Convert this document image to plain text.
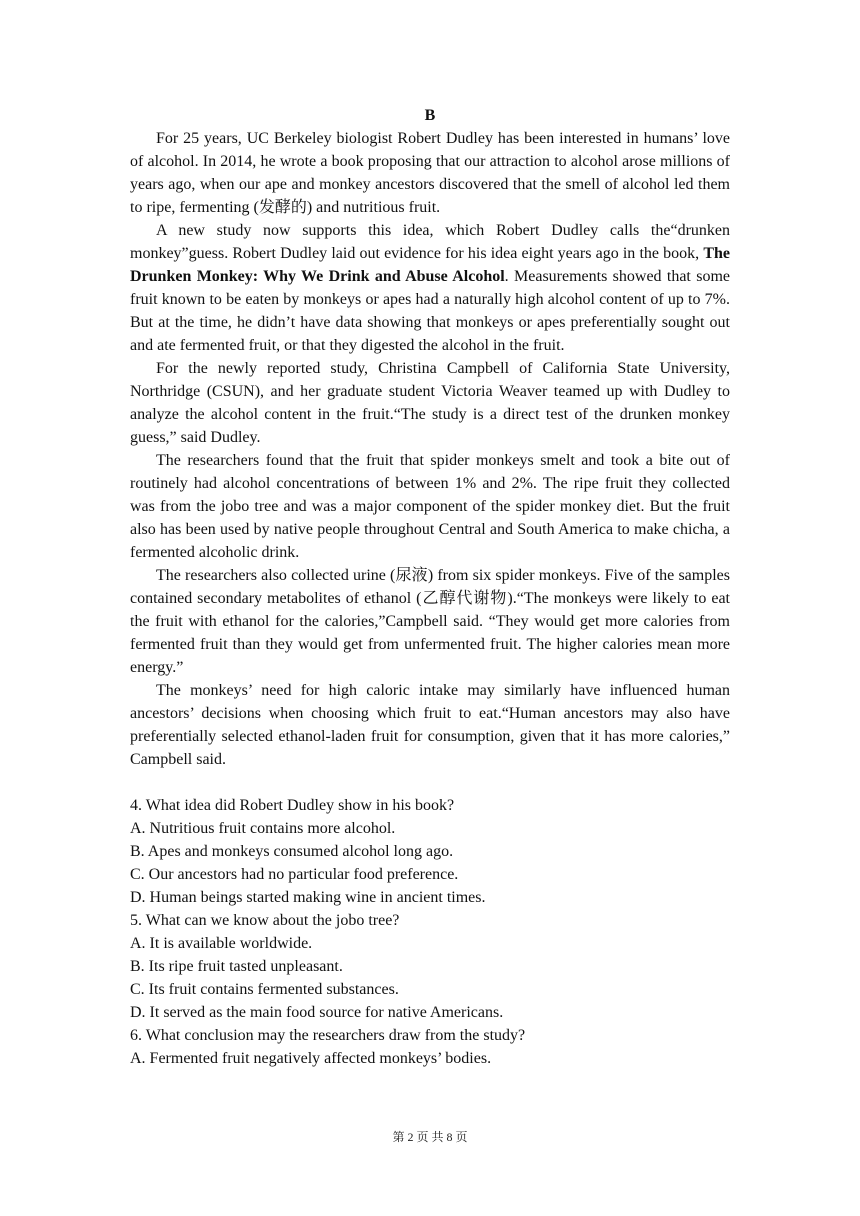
B

For 25 years, UC Berkeley biologist Robert Dudley has been interested in humans’ love of alcohol. In 2014, he wrote a book proposing that our attraction to alcohol arose millions of years ago, when our ape and monkey ancestors discovered that the smell of alcohol led them to ripe, fermenting (发酵的) and nutritious fruit.

A new study now supports this idea, which Robert Dudley calls the“drunken monkey”guess. Robert Dudley laid out evidence for his idea eight years ago in the book, The Drunken Monkey: Why We Drink and Abuse Alcohol. Measurements showed that some fruit known to be eaten by monkeys or apes had a naturally high alcohol content of up to 7%. But at the time, he didn’t have data showing that monkeys or apes preferentially sought out and ate fermented fruit, or that they digested the alcohol in the fruit.

For the newly reported study, Christina Campbell of California State University, Northridge (CSUN), and her graduate student Victoria Weaver teamed up with Dudley to analyze the alcohol content in the fruit.“The study is a direct test of the drunken monkey guess,” said Dudley.

The researchers found that the fruit that spider monkeys smelt and took a bite out of routinely had alcohol concentrations of between 1% and 2%. The ripe fruit they collected was from the jobo tree and was a major component of the spider monkey diet. But the fruit also has been used by native people throughout Central and South America to make chicha, a fermented alcoholic drink.

The researchers also collected urine (尿液) from six spider monkeys. Five of the samples contained secondary metabolites of ethanol (乙醇代谢物).“The monkeys were likely to eat the fruit with ethanol for the calories,”Campbell said. “They would get more calories from fermented fruit than they would get from unfermented fruit. The higher calories mean more energy.”

The monkeys’ need for high caloric intake may similarly have influenced human ancestors’ decisions when choosing which fruit to eat.“Human ancestors may also have preferentially selected ethanol-laden fruit for consumption, given that it has more calories,” Campbell said.

4. What idea did Robert Dudley show in his book?

A. Nutritious fruit contains more alcohol.

B. Apes and monkeys consumed alcohol long ago.

C. Our ancestors had no particular food preference.

D. Human beings started making wine in ancient times.

5. What can we know about the jobo tree?

A. It is available worldwide.

B. Its ripe fruit tasted unpleasant.

C. Its fruit contains fermented substances.

D. It served as the main food source for native Americans.

6. What conclusion may the researchers draw from the study?

A. Fermented fruit negatively affected monkeys’ bodies.

第 2 页 共 8 页
